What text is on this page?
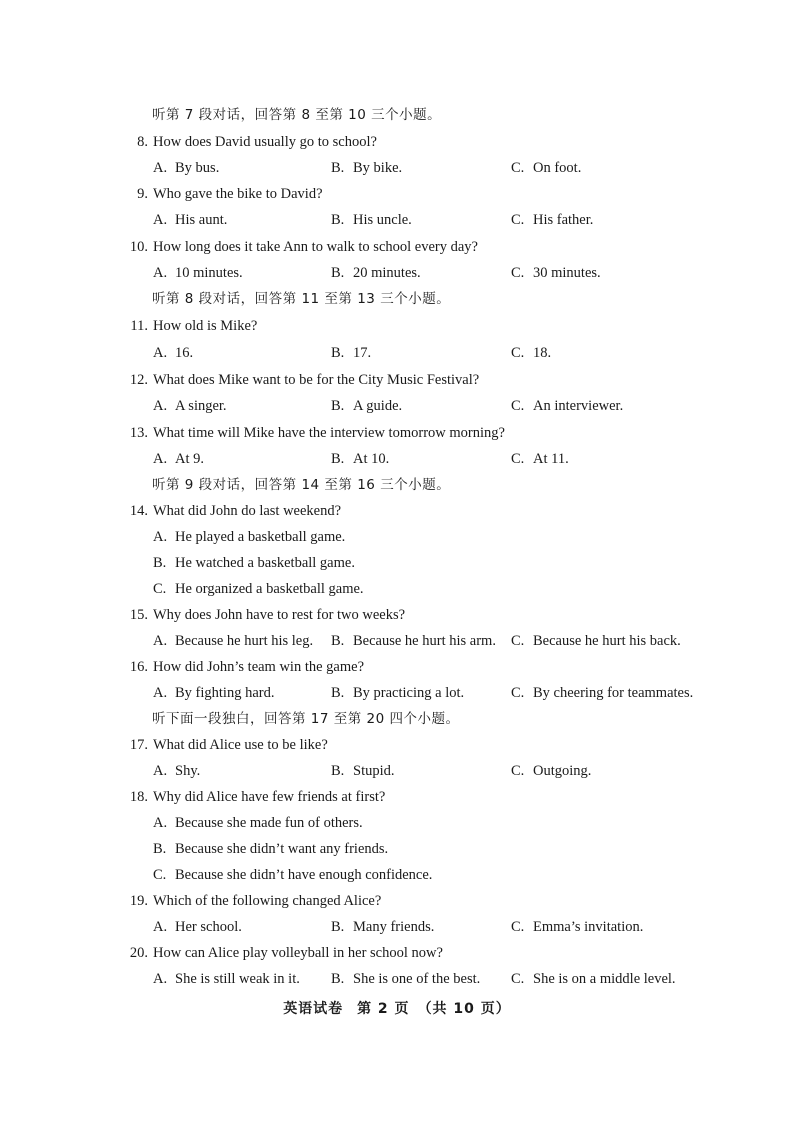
听第 7 段对话，回答第 8 至第 10 三个小题。
8. How does David usually go to school?
A. By bus.	B. By bike.	C. On foot.
9. Who gave the bike to David?
A. His aunt.	B. His uncle.	C. His father.
10. How long does it take Ann to walk to school every day?
A. 10 minutes.	B. 20 minutes.	C. 30 minutes.
听第 8 段对话，回答第 11 至第 13 三个小题。
11. How old is Mike?
A. 16.	B. 17.	C. 18.
12. What does Mike want to be for the City Music Festival?
A. A singer.	B. A guide.	C. An interviewer.
13. What time will Mike have the interview tomorrow morning?
A. At 9.	B. At 10.	C. At 11.
听第 9 段对话，回答第 14 至第 16 三个小题。
14. What did John do last weekend?
A. He played a basketball game.
B. He watched a basketball game.
C. He organized a basketball game.
15. Why does John have to rest for two weeks?
A. Because he hurt his leg. B. Because he hurt his arm. C. Because he hurt his back.
16. How did John’s team win the game?
A. By fighting hard.	B. By practicing a lot.	C. By cheering for teammates.
听下面一段独白，回答第 17 至第 20 四个小题。
17. What did Alice use to be like?
A. Shy.	B. Stupid.	C. Outgoing.
18. Why did Alice have few friends at first?
A. Because she made fun of others.
B. Because she didn’t want any friends.
C. Because she didn’t have enough confidence.
19. Which of the following changed Alice?
A. Her school.	B. Many friends.	C. Emma’s invitation.
20. How can Alice play volleyball in her school now?
A. She is still weak in it. B. She is one of the best. C. She is on a middle level.
英语试卷 第 2 页 （共 10 页）
